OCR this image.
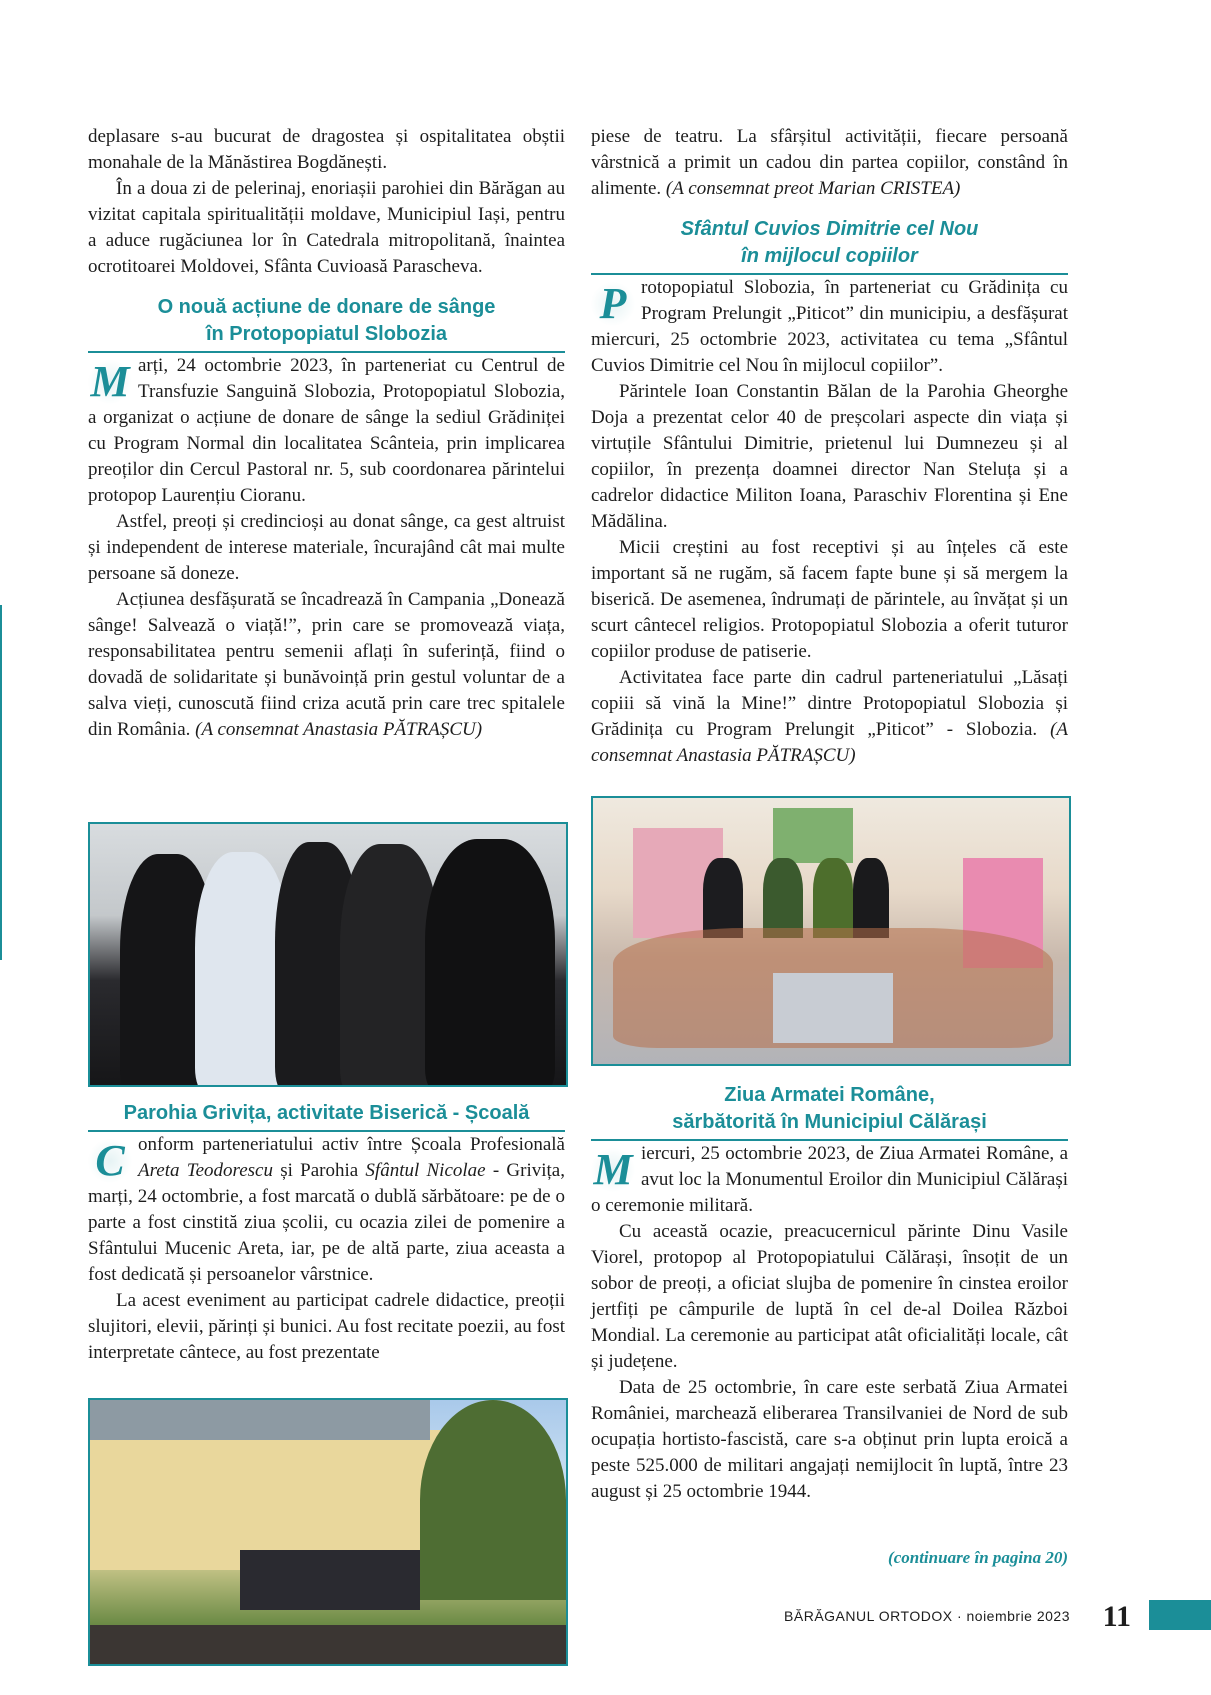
deplasare s-au bucurat de dragostea și ospitalitatea obștii monahale de la Mănăstirea Bogdănești.

În a doua zi de pelerinaj, enoriașii parohiei din Bărăgan au vizitat capitala spiritualității moldave, Municipiul Iași, pentru a aduce rugăciunea lor în Catedrala mitropolitană, înaintea ocrotitoarei Moldovei, Sfânta Cuvioasă Parascheva.

O nouă acțiune de donare de sânge
în Protopopiatul Slobozia

M arți, 24 octombrie 2023, în parteneriat cu Centrul de Transfuzie Sanguină Slobozia, Protopopiatul Slobozia, a organizat o acțiune de donare de sânge la sediul Grădiniței cu Program Normal din localitatea Scânteia, prin implicarea preoților din Cercul Pastoral nr. 5, sub coordonarea părintelui protopop Laurențiu Cioranu.

Astfel, preoți și credincioși au donat sânge, ca gest altruist și independent de interese materiale, încurajând cât mai multe persoane să doneze.

Acțiunea desfășurată se încadrează în Campania „Donează sânge! Salvează o viață!”, prin care se promovează viața, responsabilitatea pentru semenii aflați în suferință, fiind o dovadă de solidaritate și bunăvoință prin gestul voluntar de a salva vieți, cunoscută fiind criza acută prin care trec spitalele din România. (A consemnat Anastasia PĂTRAȘCU)

Parohia Grivița, activitate Biserică - Școală

C onform parteneriatului activ între Școala Profesională Areta Teodorescu și Parohia Sfântul Nicolae - Grivița, marți, 24 octombrie, a fost marcată o dublă sărbătoare: pe de o parte a fost cinstită ziua școlii, cu ocazia zilei de pomenire a Sfântului Mucenic Areta, iar, pe de altă parte, ziua aceasta a fost dedicată și persoanelor vârstnice.

La acest eveniment au participat cadrele didactice, preoții slujitori, elevii, părinți și bunici. Au fost recitate poezii, au fost interpretate cântece, au fost prezentate

piese de teatru. La sfârșitul activității, fiecare persoană vârstnică a primit un cadou din partea copiilor, constând în alimente. (A consemnat preot Marian CRISTEA)

Sfântul Cuvios Dimitrie cel Nou
în mijlocul copiilor

P rotopopiatul Slobozia, în parteneriat cu Grădinița cu Program Prelungit „Piticot” din municipiu, a desfășurat miercuri, 25 octombrie 2023, activitatea cu tema „Sfântul Cuvios Dimitrie cel Nou în mijlocul copiilor”.

Părintele Ioan Constantin Bălan de la Parohia Gheorghe Doja a prezentat celor 40 de preșcolari aspecte din viața și virtuțile Sfântului Dimitrie, prietenul lui Dumnezeu și al copiilor, în prezența doamnei director Nan Steluța și a cadrelor didactice Militon Ioana, Paraschiv Florentina și Ene Mădălina.

Micii creștini au fost receptivi și au înțeles că este important să ne rugăm, să facem fapte bune și să mergem la biserică. De asemenea, îndrumați de părintele, au învățat și un scurt cântecel religios. Protopopiatul Slobozia a oferit tuturor copiilor produse de patiserie.

Activitatea face parte din cadrul parteneriatului „Lăsați copiii să vină la Mine!” dintre Protopopiatul Slobozia și Grădinița cu Program Prelungit „Piticot” - Slobozia. (A consemnat Anastasia PĂTRAȘCU)

Ziua Armatei Române,
sărbătorită în Municipiul Călărași

M iercuri, 25 octombrie 2023, de Ziua Armatei Române, a avut loc la Monumentul Eroilor din Municipiul Călărași o ceremonie militară.

Cu această ocazie, preacucernicul părinte Dinu Vasile Viorel, protopop al Protopopiatului Călărași, însoțit de un sobor de preoți, a oficiat slujba de pomenire în cinstea eroilor jertfiți pe câmpurile de luptă în cel de-al Doilea Război Mondial. La ceremonie au participat atât oficialități locale, cât și județene.

Data de 25 octombrie, în care este serbată Ziua Armatei României, marchează eliberarea Transilvaniei de Nord de sub ocupația hortisto-fascistă, care s-a obținut prin lupta eroică a peste 525.000 de militari angajați nemijlocit în luptă, între 23 august și 25 octombrie 1944.

(continuare în pagina 20)
BĂRĂGANUL ORTODOX · noiembrie 2023 11
